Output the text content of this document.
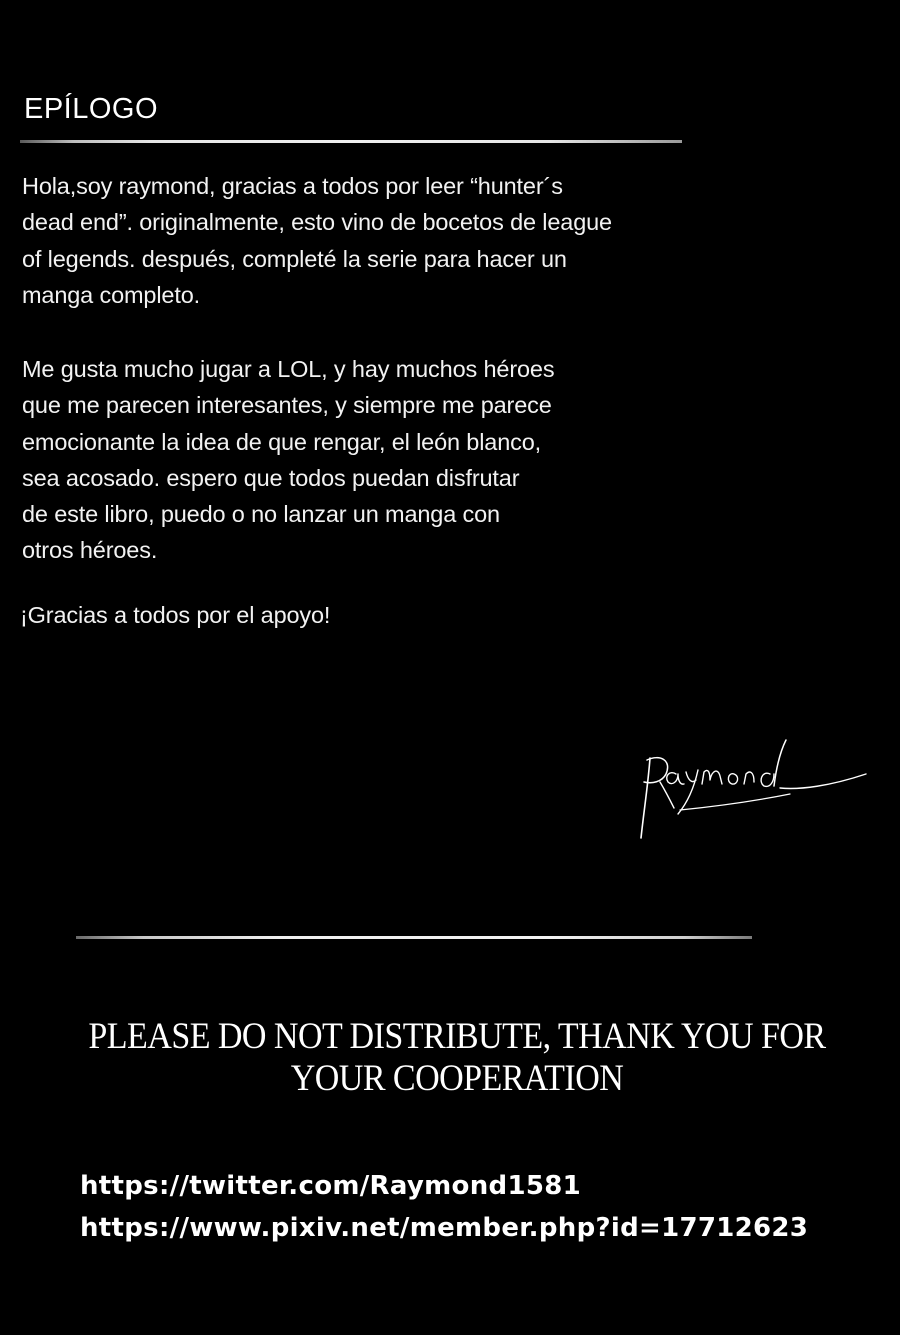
EPÍLOGO

Hola,soy raymond, gracias a todos por leer “hunter´s
dead end”. originalmente, esto vino de bocetos de league
of legends. después, completé la serie para hacer un
manga completo.

Me gusta mucho jugar a LOL, y hay muchos héroes
que me parecen interesantes, y siempre me parece
emocionante la idea de que rengar, el león blanco,
sea acosado. espero que todos puedan disfrutar
de este libro, puedo o no lanzar un manga con
otros héroes.

¡Gracias a todos por el apoyo!

PLEASE DO NOT DISTRIBUTE, THANK YOU FOR
YOUR COOPERATION

https://twitter.com/Raymond1581
https://www.pixiv.net/member.php?id=17712623
